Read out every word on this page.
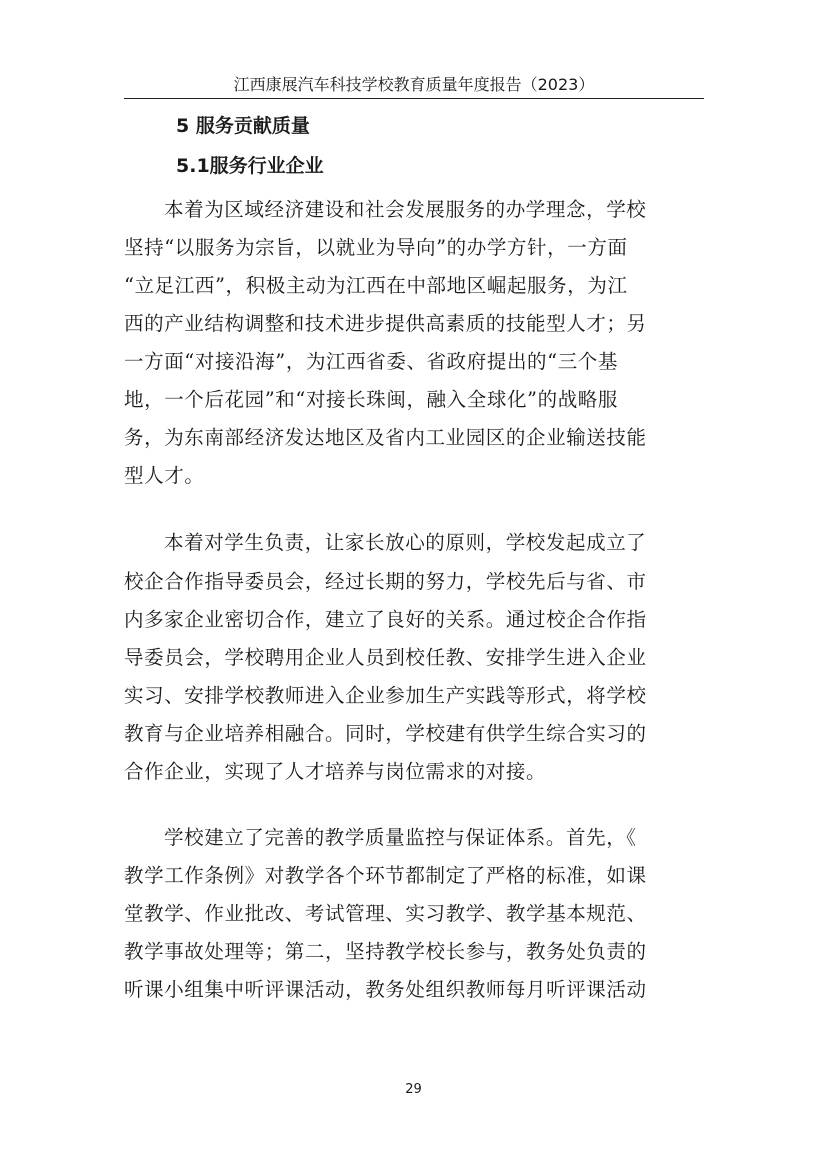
江西康展汽车科技学校教育质量年度报告（2023）
5 服务贡献质量
5.1服务行业企业
本着为区域经济建设和社会发展服务的办学理念，学校
坚持“以服务为宗旨，以就业为导向”的办学方针，一方面
“立足江西”，积极主动为江西在中部地区崛起服务，为江
西的产业结构调整和技术进步提供高素质的技能型人才；另
一方面“对接沿海”，为江西省委、省政府提出的“三个基
地，一个后花园”和“对接长珠闽，融入全球化”的战略服
务，为东南部经济发达地区及省内工业园区的企业输送技能
型人才。
本着对学生负责，让家长放心的原则，学校发起成立了
校企合作指导委员会，经过长期的努力，学校先后与省、市
内多家企业密切合作，建立了良好的关系。通过校企合作指
导委员会，学校聘用企业人员到校任教、安排学生进入企业
实习、安排学校教师进入企业参加生产实践等形式，将学校
教育与企业培养相融合。同时，学校建有供学生综合实习的
合作企业，实现了人才培养与岗位需求的对接。
学校建立了完善的教学质量监控与保证体系。首先，《
教学工作条例》对教学各个环节都制定了严格的标准，如课
堂教学、作业批改、考试管理、实习教学、教学基本规范、
教学事故处理等；第二，坚持教学校长参与，教务处负责的
听课小组集中听评课活动，教务处组织教师每月听评课活动
29
